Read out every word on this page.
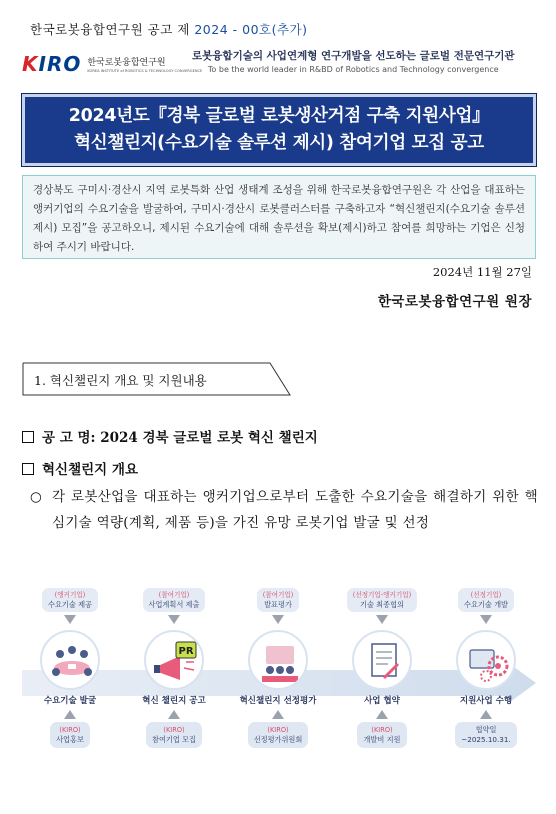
한국로봇융합연구원 공고 제 2024 - 00호(추가)
KIRO 한국로봇융합연구원
KOREA INSTITUTE of ROBOTICS & TECHNOLOGY CONVERGENCE
로봇융합기술의 사업연계형 연구개발을 선도하는 글로벌 전문연구기관
To be the world leader in R&BD of Robotics and Technology convergence
2024년도『경북 글로벌 로봇생산거점 구축 지원사업』
혁신챌린지(수요기술 솔루션 제시) 참여기업 모집 공고
경상북도 구미시·경산시 지역 로봇특화 산업 생태계 조성을 위해 한국로봇융합연구원은 각 산업을 대표하는 앵커기업의 수요기술을 발굴하여, 구미시·경산시 로봇클러스터를 구축하고자 “혁신챌린지(수요기술 솔루션 제시) 모집”을 공고하오니, 제시된 수요기술에 대해 솔루션을 확보(제시)하고 참여를 희망하는 기업은 신청하여 주시기 바랍니다.
2024년 11월 27일
한국로봇융합연구원 원장
1. 혁신챌린지 개요 및 지원내용
공 고 명: 2024 경북 글로벌 로봇 혁신 챌린지
혁신챌린지 개요
○ 각 로봇산업을 대표하는 앵커기업으로부터 도출한 수요기술을 해결하기 위한 핵심기술 역량(계획, 제품 등)을 가진 유망 로봇기업 발굴 및 선정
(앵커기업)
수요기술 제공
수요기술 발굴
(KIRO)
사업홍보
(참여기업)
사업계획서 제출
PR
혁신 챌린지 공고
(KIRO)
참여기업 모집
(참여기업)
발표평가
혁신챌린지 선정평가
(KIRO)
선정평가위원회
(선정기업-앵커기업)
기술 최종협의
사업 협약
(KIRO)
개발비 지원
(선정기업)
수요기술 개발
지원사업 수행
협약일
~2025.10.31.
